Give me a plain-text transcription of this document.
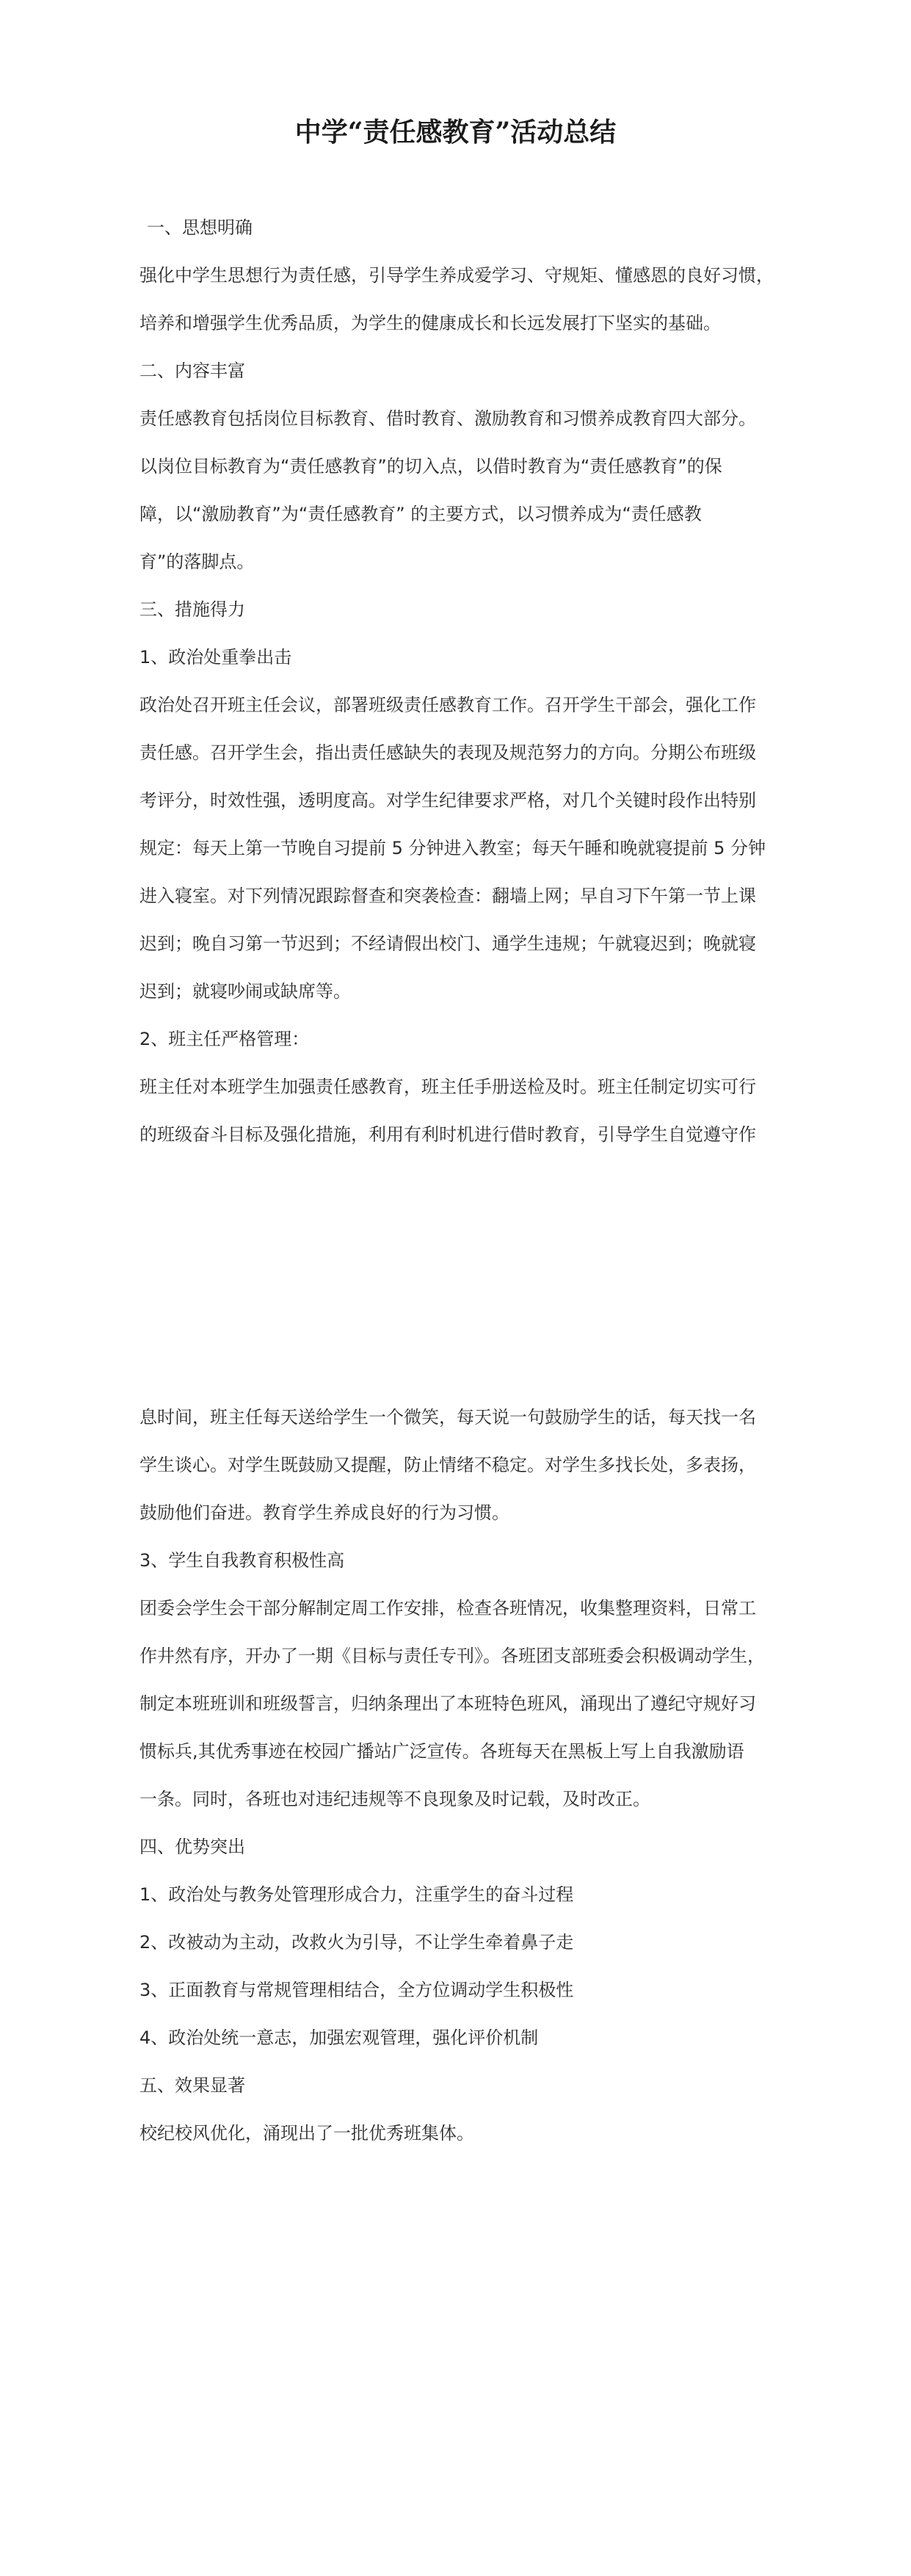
中学“责任感教育”活动总结

一、思想明确

强化中学生思想行为责任感，引导学生养成爱学习、守规矩、懂感恩的良好习惯，

培养和增强学生优秀品质，为学生的健康成长和长远发展打下坚实的基础。

二、内容丰富

责任感教育包括岗位目标教育、借时教育、激励教育和习惯养成教育四大部分。

以岗位目标教育为“责任感教育”的切入点，以借时教育为“责任感教育”的保

障，以“激励教育”为“责任感教育” 的主要方式，以习惯养成为“责任感教

育”的落脚点。

三、措施得力

1、政治处重拳出击

政治处召开班主任会议，部署班级责任感教育工作。召开学生干部会，强化工作

责任感。召开学生会，指出责任感缺失的表现及规范努力的方向。分期公布班级

考评分，时效性强，透明度高。对学生纪律要求严格，对几个关键时段作出特别

规定：每天上第一节晚自习提前 5 分钟进入教室；每天午睡和晚就寝提前 5 分钟

进入寝室。对下列情况跟踪督查和突袭检查：翻墙上网；早自习下午第一节上课

迟到；晚自习第一节迟到；不经请假出校门、通学生违规；午就寝迟到；晚就寝

迟到；就寝吵闹或缺席等。

2、班主任严格管理：

班主任对本班学生加强责任感教育，班主任手册送检及时。班主任制定切实可行

的班级奋斗目标及强化措施，利用有利时机进行借时教育，引导学生自觉遵守作

息时间，班主任每天送给学生一个微笑，每天说一句鼓励学生的话，每天找一名

学生谈心。对学生既鼓励又提醒，防止情绪不稳定。对学生多找长处，多表扬，

鼓励他们奋进。教育学生养成良好的行为习惯。

3、学生自我教育积极性高

团委会学生会干部分解制定周工作安排，检查各班情况，收集整理资料，日常工

作井然有序，开办了一期《目标与责任专刊》。各班团支部班委会积极调动学生，

制定本班班训和班级誓言，归纳条理出了本班特色班风，涌现出了遵纪守规好习

惯标兵,其优秀事迹在校园广播站广泛宣传。各班每天在黑板上写上自我激励语

一条。同时，各班也对违纪违规等不良现象及时记载，及时改正。

四、优势突出

1、政治处与教务处管理形成合力，注重学生的奋斗过程

2、改被动为主动，改救火为引导，不让学生牵着鼻子走

3、正面教育与常规管理相结合，全方位调动学生积极性

4、政治处统一意志，加强宏观管理，强化评价机制

五、效果显著

校纪校风优化，涌现出了一批优秀班集体。
